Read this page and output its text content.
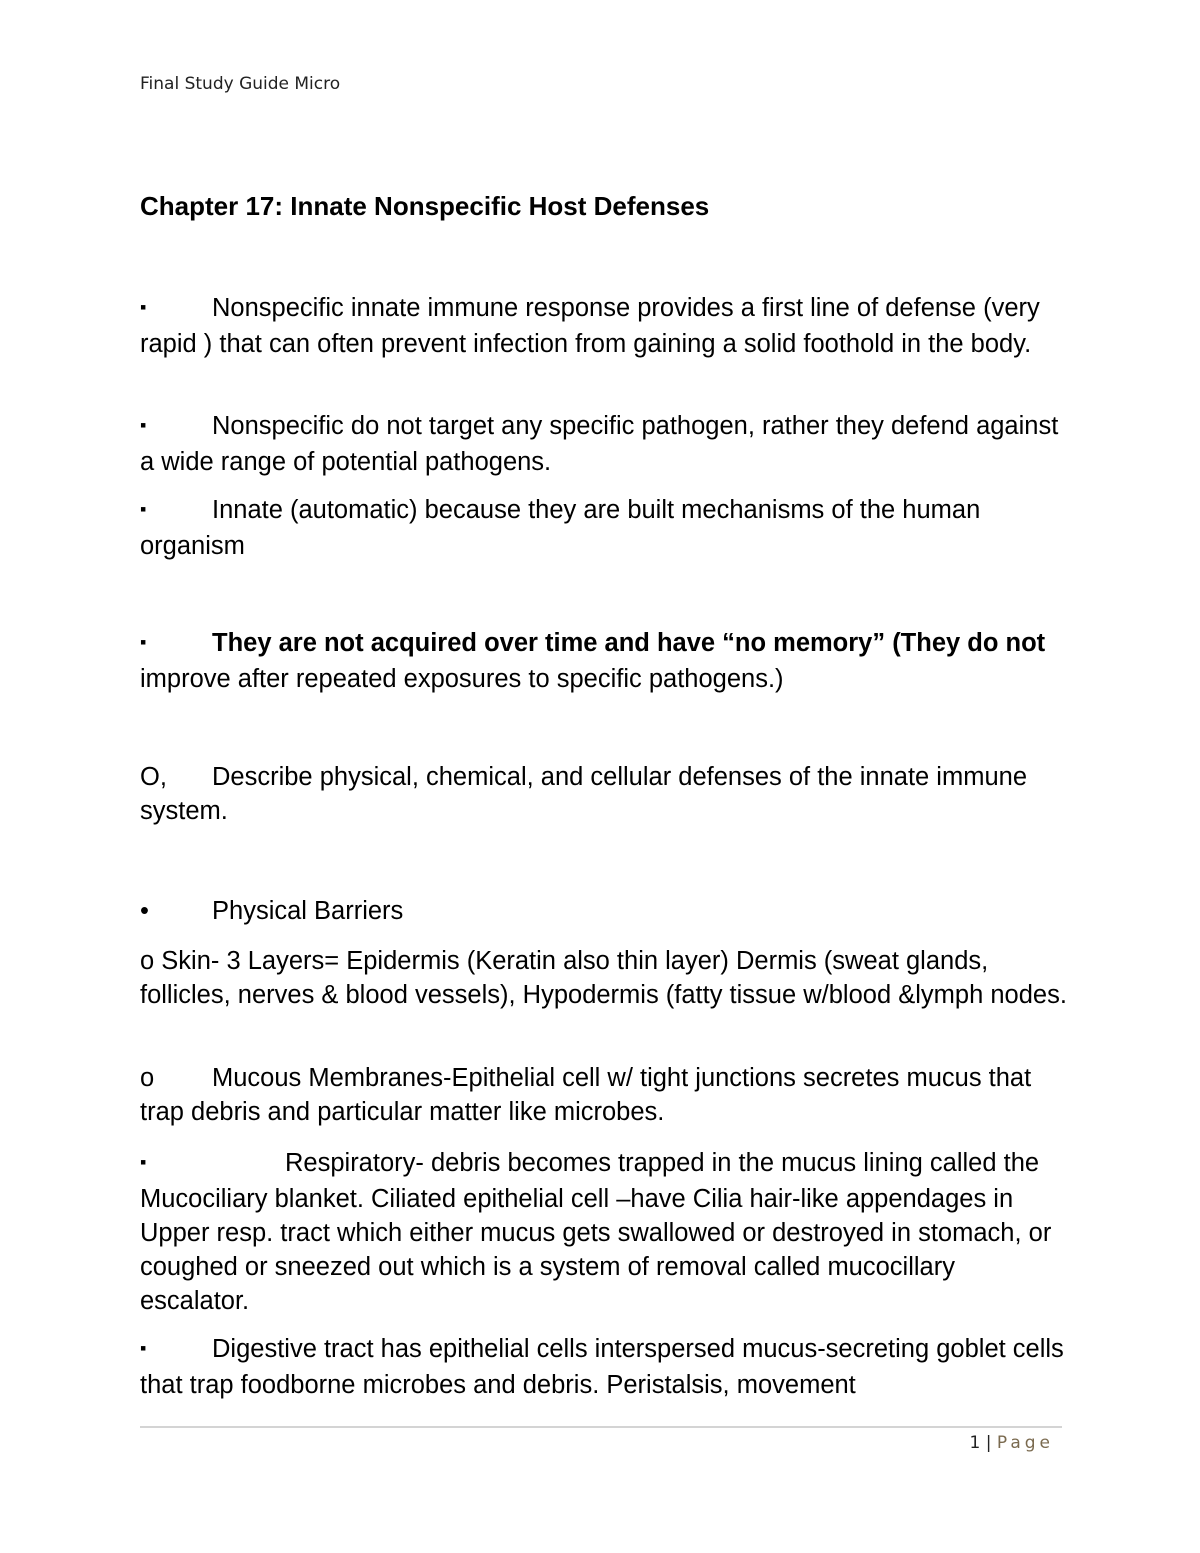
Final Study Guide Micro
Chapter 17: Innate Nonspecific Host Defenses

▪	Nonspecific innate immune response provides a first line of defense (very rapid ) that can often prevent infection from gaining a solid foothold in the body.

▪	Nonspecific do not target any specific pathogen, rather they defend against a wide range of potential pathogens.

▪	Innate (automatic) because they are built mechanisms of the human organism

▪	They are not acquired over time and have “no memory” (They do not
improve after repeated exposures to specific pathogens.)

O, Describe physical, chemical, and cellular defenses of the innate immune system.

• Physical Barriers

o Skin- 3 Layers= Epidermis (Keratin also thin layer) Dermis (sweat glands, follicles, nerves & blood vessels), Hypodermis (fatty tissue w/blood &lymph nodes.

o Mucous Membranes-Epithelial cell w/ tight junctions secretes mucus that trap debris and particular matter like microbes.

▪	Respiratory- debris becomes trapped in the mucus lining called the Mucociliary blanket. Ciliated epithelial cell –have Cilia hair-like appendages in Upper resp. tract which either mucus gets swallowed or destroyed in stomach, or coughed or sneezed out which is a system of removal called mucocillary escalator.

▪	Digestive tract has epithelial cells interspersed mucus-secreting goblet cells that trap foodborne microbes and debris. Peristalsis, movement

1 | Page
